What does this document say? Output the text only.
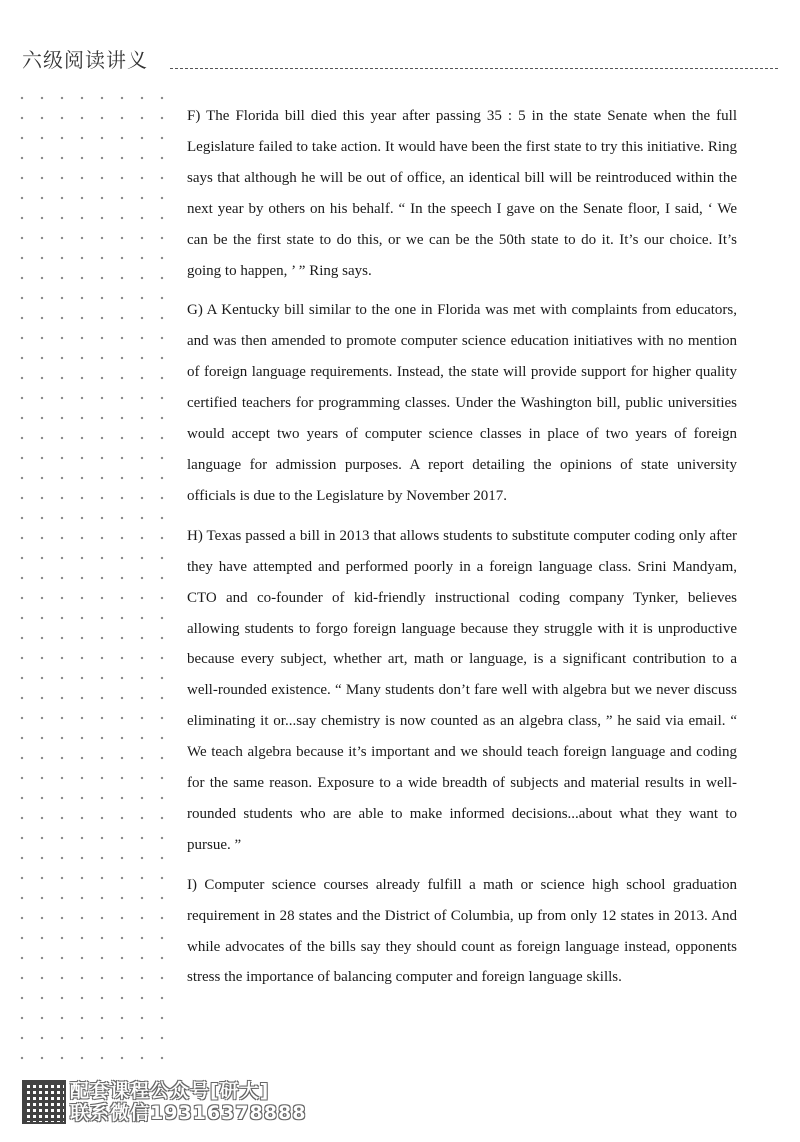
六级阅读讲义

F) The Florida bill died this year after passing 35 : 5 in the state Senate when the full Legislature failed to take action. It would have been the first state to try this initiative. Ring says that although he will be out of office, an identical bill will be reintroduced within the next year by others on his behalf. “ In the speech I gave on the Senate floor, I said, ‘ We can be the first state to do this, or we can be the 50th state to do it. It’s our choice. It’s going to happen, ’ ” Ring says.

G) A Kentucky bill similar to the one in Florida was met with complaints from educators, and was then amended to promote computer science education initiatives with no mention of foreign language requirements. Instead, the state will provide support for higher quality certified teachers for programming classes. Under the Washington bill, public universities would accept two years of computer science classes in place of two years of foreign language for admission purposes. A report detailing the opinions of state university officials is due to the Legislature by November 2017.

H) Texas passed a bill in 2013 that allows students to substitute computer coding only after they have attempted and performed poorly in a foreign language class. Srini Mandyam, CTO and co-founder of kid-friendly instructional coding company Tynker, believes allowing students to forgo foreign language because they struggle with it is unproductive because every subject, whether art, math or language, is a significant contribution to a well-rounded existence. “ Many students don’t fare well with algebra but we never discuss eliminating it or...say chemistry is now counted as an algebra class, ” he said via email. “ We teach algebra because it’s important and we should teach foreign language and coding for the same reason. Exposure to a wide breadth of subjects and material results in well-rounded students who are able to make informed decisions...about what they want to pursue. ”

I) Computer science courses already fulfill a math or science high school graduation requirement in 28 states and the District of Columbia, up from only 12 states in 2013. And while advocates of the bills say they should count as foreign language instead, opponents stress the importance of balancing computer and foreign language skills.

配套课程公众号[研大]
联系微信19316378888
